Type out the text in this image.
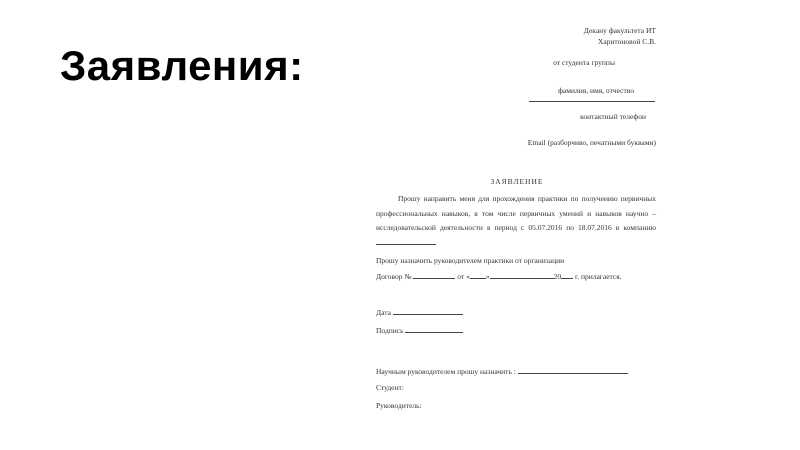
Заявления:
Декану факультета ИТ
Харитоновой С.В.
от студента группы
фамилия, имя, отчество
контактный телефон
Email (разборчиво, печатными буквами)
ЗАЯВЛЕНИЕ
Прошу направить меня для прохождения практики по получению первичных профессиональных навыков, в том числе первичных умений и навыков научно – исследовательской деятельности в период с 05.07.2016 по 18.07.2016 в компанию
Прошу назначить руководителем практики от организации
Договор №	от « »	20 г. прилагается.
Дата
Подпись
Научным руководителем прошу назначить :
Студент:
Руководитель:
